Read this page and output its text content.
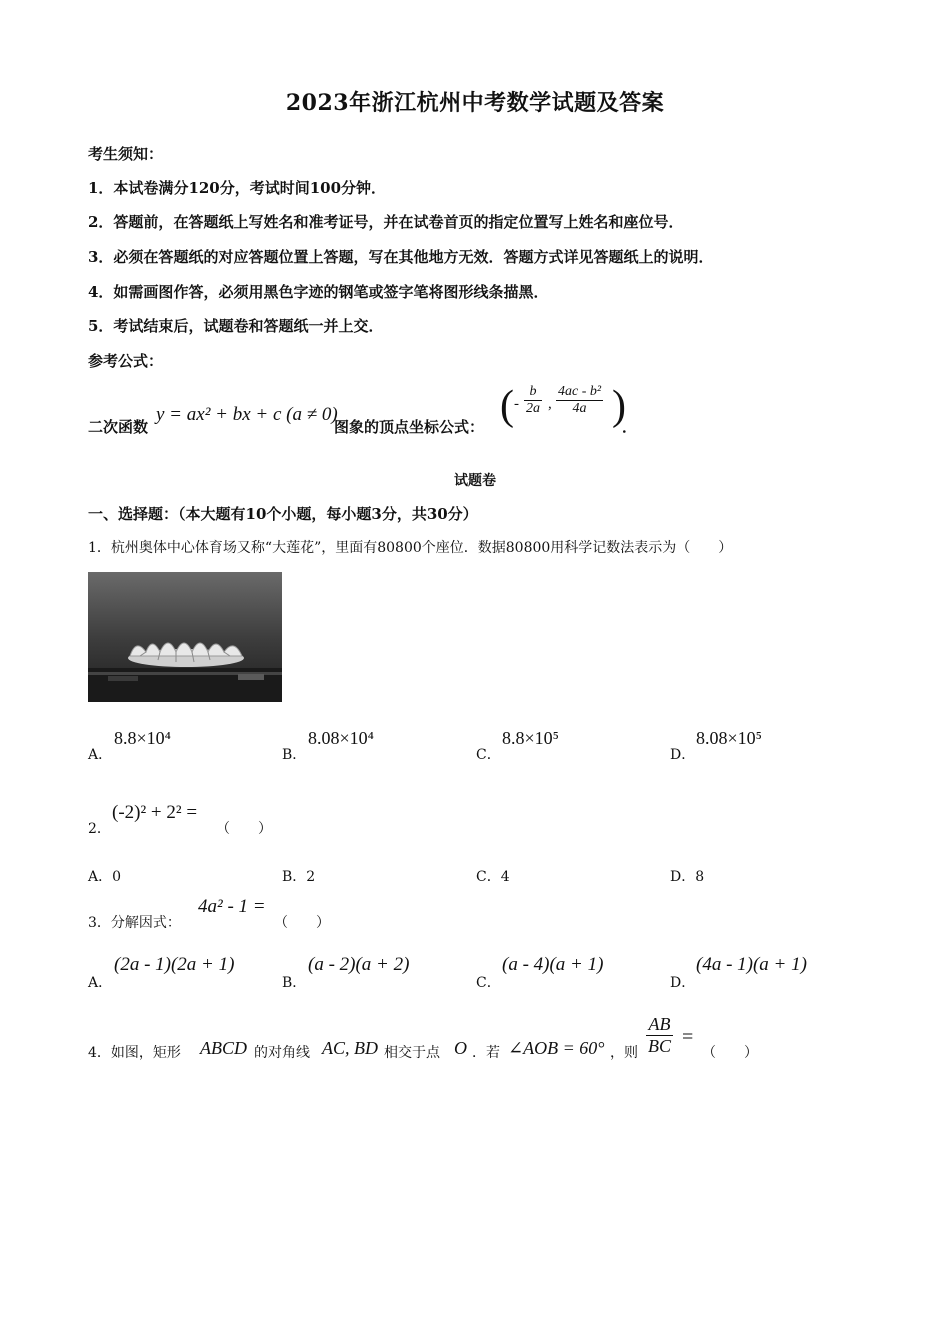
2023年浙江杭州中考数学试题及答案
考生须知：
1．本试卷满分120分，考试时间100分钟．
2．答题前，在答题纸上写姓名和准考证号，并在试卷首页的指定位置写上姓名和座位号．
3．必须在答题纸的对应答题位置上答题，写在其他地方无效．答题方式详见答题纸上的说明．
4．如需画图作答，必须用黑色字迹的钢笔或签字笔将图形线条描黑．
5．考试结束后，试题卷和答题纸一并上交．
参考公式：
二次函数
y = ax² + bx + c (a ≠ 0)
图象的顶点坐标公式： ( - $\frac{b}{2a}$ , $\frac{\text{4ac - b²}}{4a}$ )
．
试题卷
一、选择题：（本大题有10个小题，每小题3分，共30分）
1．杭州奥体中心体育场又称“大莲花”，里面有80800个座位．数据80800用科学记数法表示为（　　）
A．
8.8×10⁴
B．
8.08×10⁴
C．
8.8×10⁵
D．
8.08×10⁵
2．
(-2)² + 2² =
（　　）
A．0	B．2	C．4	D．8
3．分解因式：
4a² - 1 =
（　　）
A．
(2a - 1)(2a + 1)
B．
(a - 2)(a + 2)
C．
(a - 4)(a + 1)
D．
(4a - 1)(a + 1)
4．如图，矩形 ABCD 的对角线 AC, BD 相交于点 O ．若 ∠AOB = 60° ，则 $\frac{AB}{BC}$ =
（　　）
